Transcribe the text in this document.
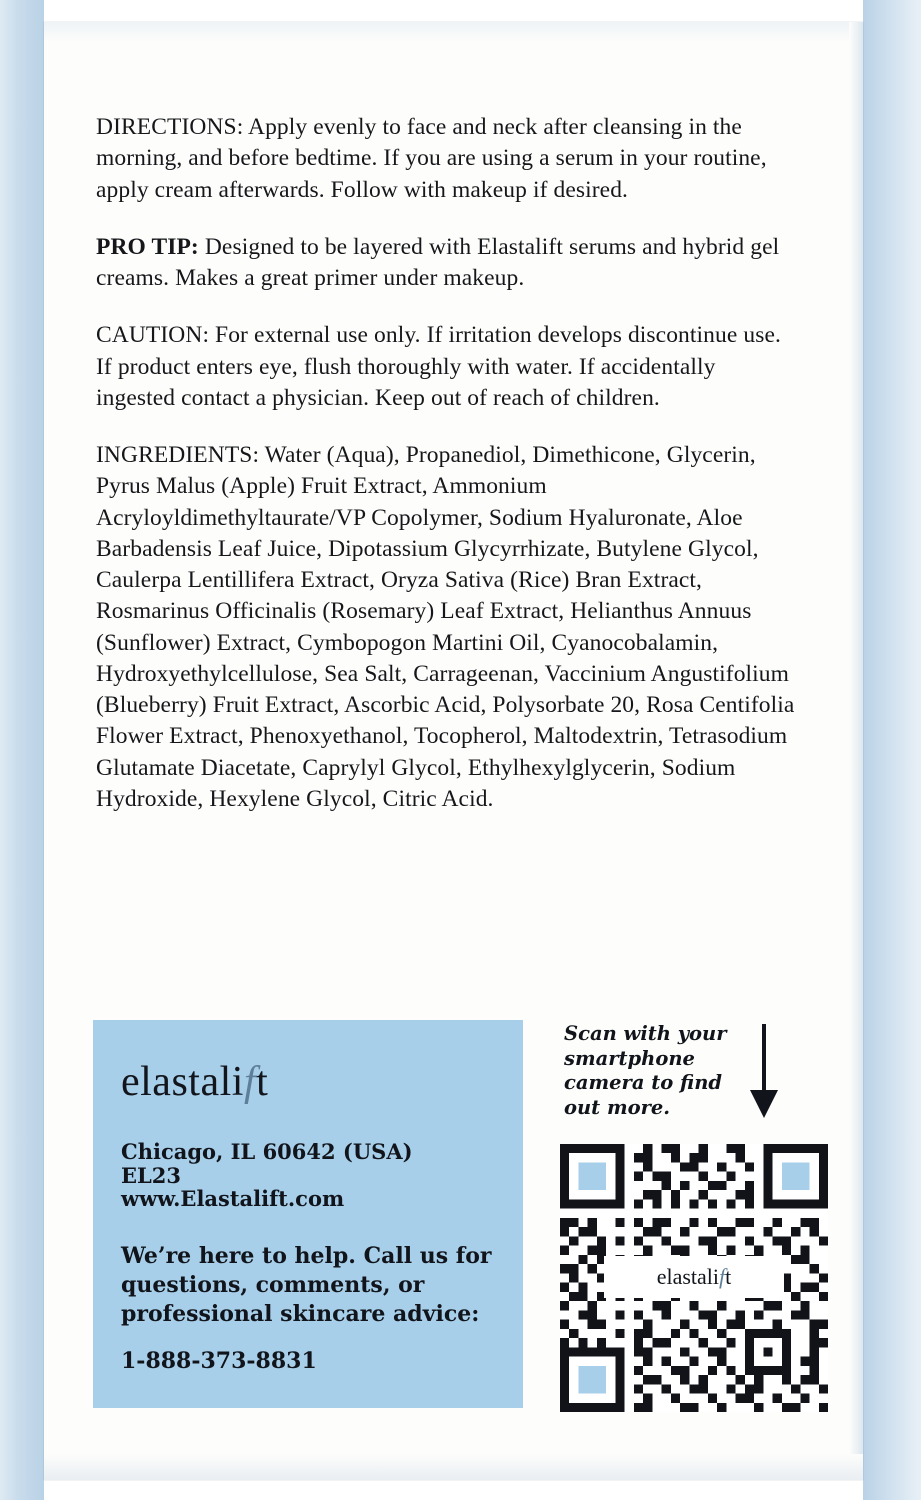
DIRECTIONS: Apply evenly to face and neck after cleansing in the morning, and before bedtime. If you are using a serum in your routine, apply cream afterwards. Follow with makeup if desired.

PRO TIP: Designed to be layered with Elastalift serums and hybrid gel creams. Makes a great primer under makeup.

CAUTION: For external use only. If irritation develops discontinue use. If product enters eye, flush thoroughly with water. If accidentally ingested contact a physician. Keep out of reach of children.

INGREDIENTS: Water (Aqua), Propanediol, Dimethicone, Glycerin, Pyrus Malus (Apple) Fruit Extract, Ammonium Acryloyldimethyltaurate/VP Copolymer, Sodium Hyaluronate, Aloe Barbadensis Leaf Juice, Dipotassium Glycyrrhizate, Butylene Glycol, Caulerpa Lentillifera Extract, Oryza Sativa (Rice) Bran Extract, Rosmarinus Officinalis (Rosemary) Leaf Extract, Helianthus Annuus (Sunflower) Extract, Cymbopogon Martini Oil, Cyanocobalamin, Hydroxyethylcellulose, Sea Salt, Carrageenan, Vaccinium Angustifolium (Blueberry) Fruit Extract, Ascorbic Acid, Polysorbate 20, Rosa Centifolia Flower Extract, Phenoxyethanol, Tocopherol, Maltodextrin, Tetrasodium Glutamate Diacetate, Caprylyl Glycol, Ethylhexylglycerin, Sodium Hydroxide, Hexylene Glycol, Citric Acid.

elastalift
Chicago, IL 60642 (USA)
EL23
www.Elastalift.com
We’re here to help. Call us for questions, comments, or professional skincare advice:
1-888-373-8831
Scan with your smartphone camera to find out more.
elastalift
